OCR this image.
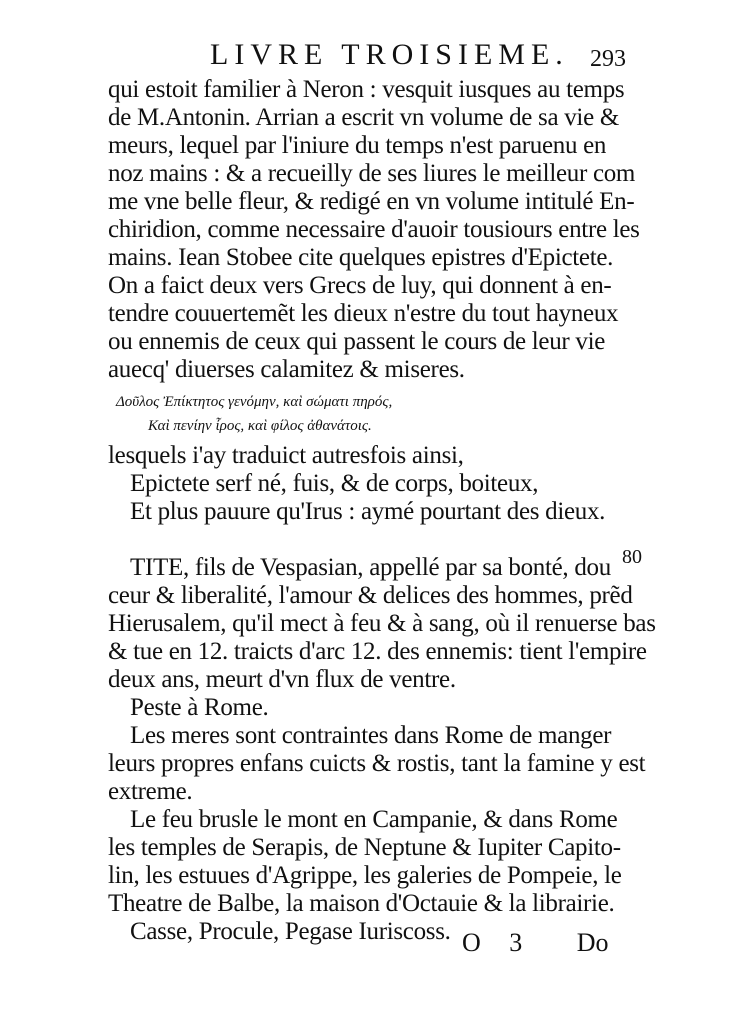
LIVRE TROISIEME. 293
qui estoit familier à Neron : vesquit iusques au temps
de M.Antonin. Arrian a escrit vn volume de sa vie &
meurs, lequel par l'iniure du temps n'est paruenu en
noz mains : & a recueilly de ses liures le meilleur com
me vne belle fleur, & redigé en vn volume intitulé En-
chiridion, comme necessaire d'auoir tousiours entre les
mains. Iean Stobee cite quelques epistres d'Epictete.
On a faict deux vers Grecs de luy, qui donnent à en-
tendre couuertemẽt les dieux n'estre du tout hayneux
ou ennemis de ceux qui passent le cours de leur vie
auecq' diuerses calamitez & miseres.
Δοῦλος Ἐπίκτητος γενόμην, καὶ σώματι πηρός,
Καὶ πενίην ἶρος, καὶ φίλος ἀθανάτοις.
lesquels i'ay traduict autresfois ainsi,
Epictete serf né, fuis, & de corps, boiteux,
Et plus pauure qu'Irus : aymé pourtant des dieux.
TITE, fils de Vespasian, appellé par sa bonté, dou
ceur & liberalité, l'amour & delices des hommes, prẽd
Hierusalem, qu'il mect à feu & à sang, où il renuerse bas
& tue en 12. traicts d'arc 12. des ennemis: tient l'empire
deux ans, meurt d'vn flux de ventre.
Peste à Rome.
Les meres sont contraintes dans Rome de manger
leurs propres enfans cuicts & rostis, tant la famine y est
extreme.
Le feu brusle le mont en Campanie, & dans Rome
les temples de Serapis, de Neptune & Iupiter Capito-
lin, les estuues d'Agrippe, les galeries de Pompeie, le
Theatre de Balbe, la maison d'Octauie & la librairie.
Casse, Procule, Pegase Iuriscoss.
80
O 3 Do
